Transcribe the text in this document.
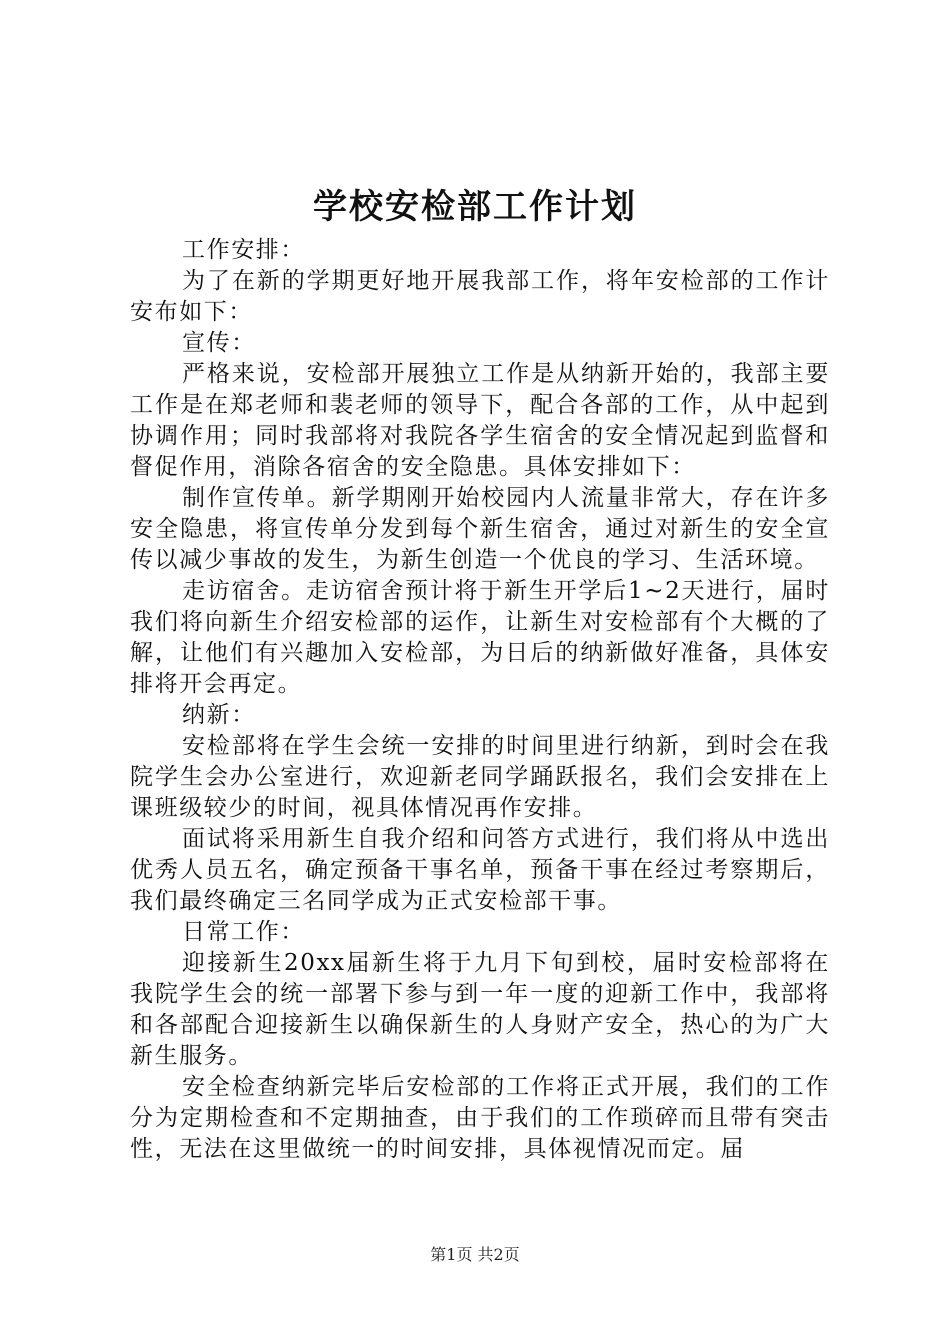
学校安检部工作计划

工作安排：

为了在新的学期更好地开展我部工作，将年安检部的工作计安布如下：

宣传：

严格来说，安检部开展独立工作是从纳新开始的，我部主要工作是在郑老师和裴老师的领导下，配合各部的工作，从中起到协调作用；同时我部将对我院各学生宿舍的安全情况起到监督和督促作用，消除各宿舍的安全隐患。具体安排如下：

制作宣传单。新学期刚开始校园内人流量非常大，存在许多安全隐患，将宣传单分发到每个新生宿舍，通过对新生的安全宣传以减少事故的发生，为新生创造一个优良的学习、生活环境。

走访宿舍。走访宿舍预计将于新生开学后1~2天进行，届时我们将向新生介绍安检部的运作，让新生对安检部有个大概的了解，让他们有兴趣加入安检部，为日后的纳新做好准备，具体安排将开会再定。

纳新：

安检部将在学生会统一安排的时间里进行纳新，到时会在我院学生会办公室进行，欢迎新老同学踊跃报名，我们会安排在上课班级较少的时间，视具体情况再作安排。

面试将采用新生自我介绍和问答方式进行，我们将从中选出优秀人员五名，确定预备干事名单，预备干事在经过考察期后，我们最终确定三名同学成为正式安检部干事。

日常工作：

迎接新生20xx届新生将于九月下旬到校，届时安检部将在我院学生会的统一部署下参与到一年一度的迎新工作中，我部将和各部配合迎接新生以确保新生的人身财产安全，热心的为广大新生服务。

安全检查纳新完毕后安检部的工作将正式开展，我们的工作分为定期检查和不定期抽查，由于我们的工作琐碎而且带有突击性，无法在这里做统一的时间安排，具体视情况而定。届

第1页 共2页
